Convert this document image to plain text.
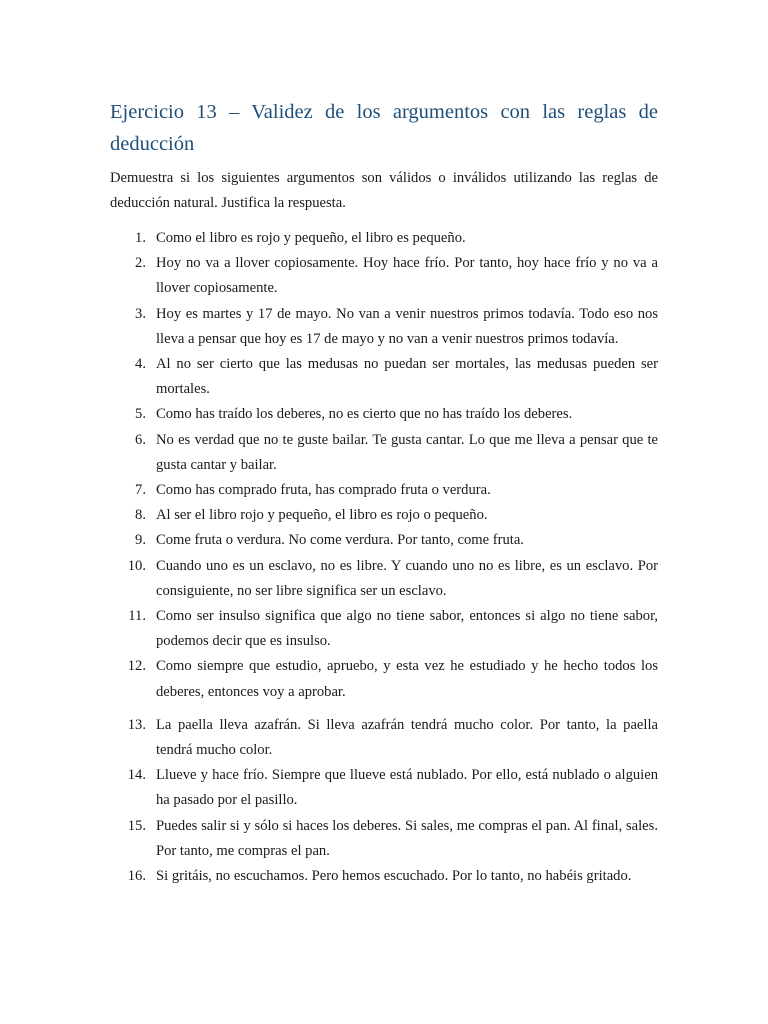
Ejercicio 13 – Validez de los argumentos con las reglas de deducción

Demuestra si los siguientes argumentos son válidos o inválidos utilizando las reglas de deducción natural. Justifica la respuesta.

1. Como el libro es rojo y pequeño, el libro es pequeño.
2. Hoy no va a llover copiosamente. Hoy hace frío. Por tanto, hoy hace frío y no va a llover copiosamente.
3. Hoy es martes y 17 de mayo. No van a venir nuestros primos todavía. Todo eso nos lleva a pensar que hoy es 17 de mayo y no van a venir nuestros primos todavía.
4. Al no ser cierto que las medusas no puedan ser mortales, las medusas pueden ser mortales.
5. Como has traído los deberes, no es cierto que no has traído los deberes.
6. No es verdad que no te guste bailar. Te gusta cantar. Lo que me lleva a pensar que te gusta cantar y bailar.
7. Como has comprado fruta, has comprado fruta o verdura.
8. Al ser el libro rojo y pequeño, el libro es rojo o pequeño.
9. Come fruta o verdura. No come verdura. Por tanto, come fruta.
10. Cuando uno es un esclavo, no es libre. Y cuando uno no es libre, es un esclavo. Por consiguiente, no ser libre significa ser un esclavo.
11. Como ser insulso significa que algo no tiene sabor, entonces si algo no tiene sabor, podemos decir que es insulso.
12. Como siempre que estudio, apruebo, y esta vez he estudiado y he hecho todos los deberes, entonces voy a aprobar.
13. La paella lleva azafrán. Si lleva azafrán tendrá mucho color. Por tanto, la paella tendrá mucho color.
14. Llueve y hace frío. Siempre que llueve está nublado. Por ello, está nublado o alguien ha pasado por el pasillo.
15. Puedes salir si y sólo si haces los deberes. Si sales, me compras el pan. Al final, sales. Por tanto, me compras el pan.
16. Si gritáis, no escuchamos. Pero hemos escuchado. Por lo tanto, no habéis gritado.
